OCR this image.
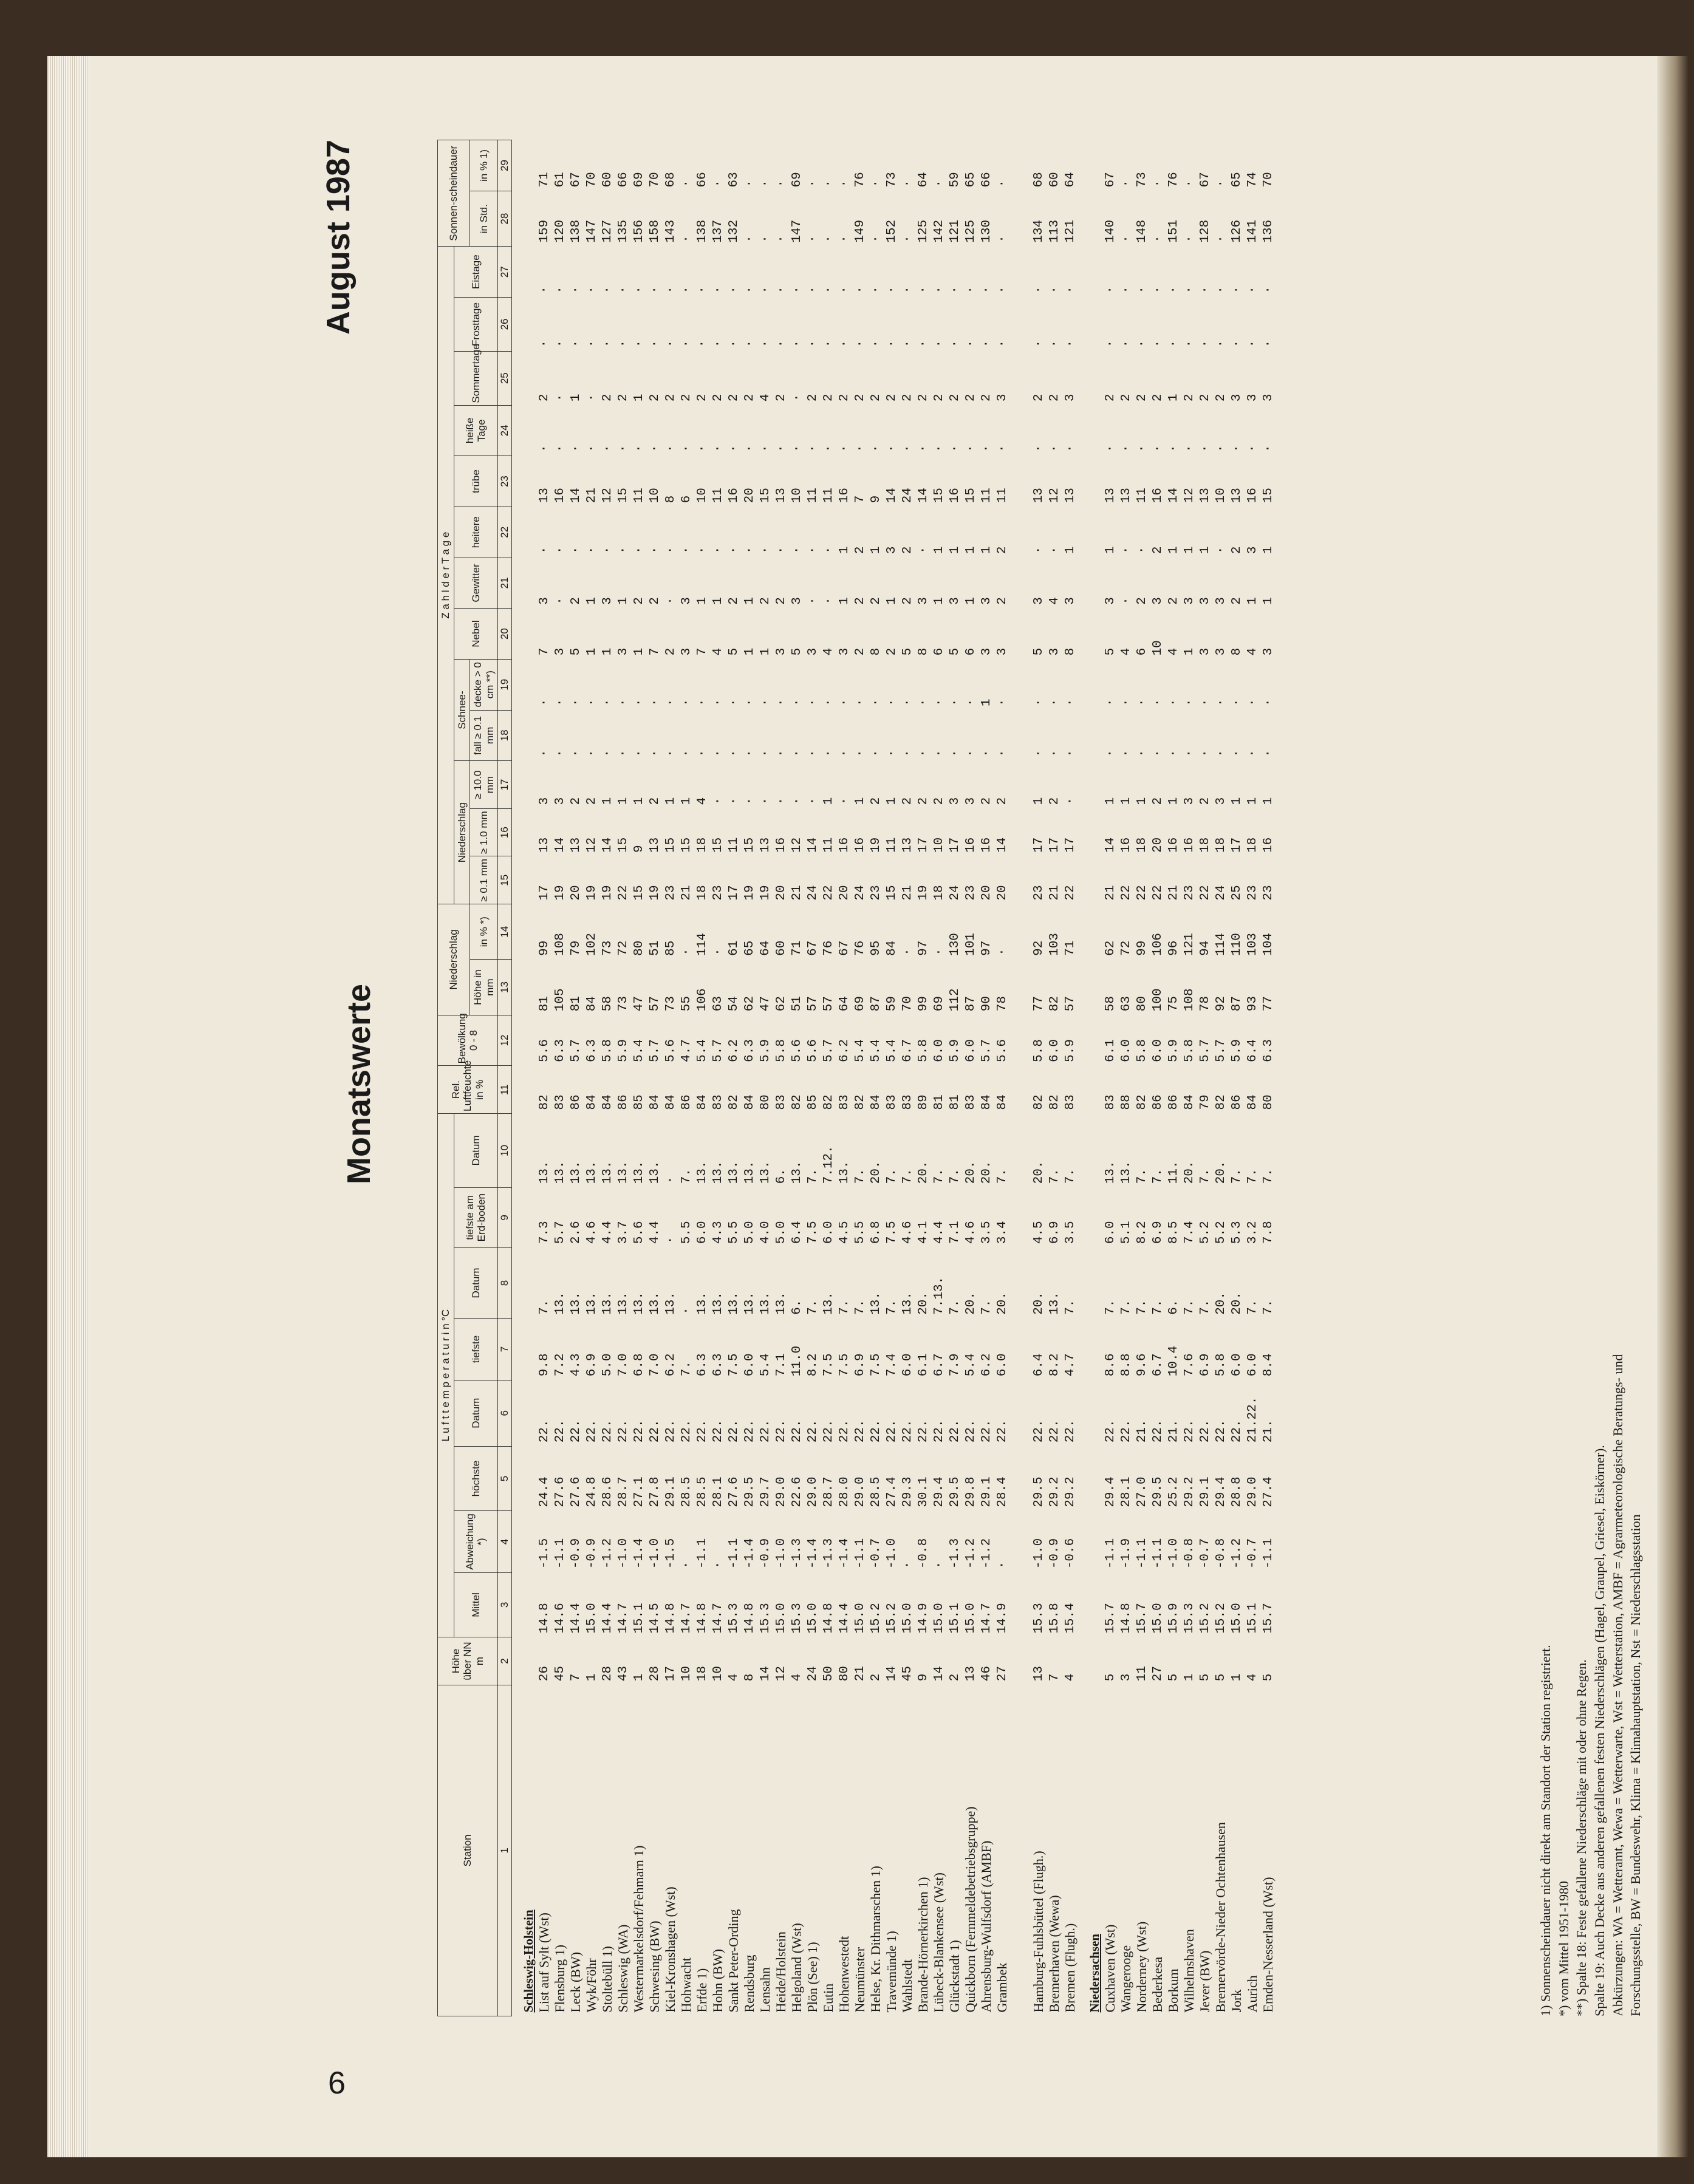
6
Monatswerte
August 1987
Station	Höhe über NN m	L u f t t e m p e r a t u r i n °C								Rel. Luftfeuchte in %	Bewölkung 0 - 8	Niederschlag		Z a h l d e r T a g e													Sonnen-scheindauer	
		Mittel	Abweichung *)	höchste	Datum	tiefste	Datum	tiefste am Erd-boden	Datum					Niederschlag			Schnee-		Nebel	Gewitter	heitere	trübe	heiße Tage	Sommertage	Frosttage	Eistage		
												Höhe in mm	in % *)	≥ 0.1 mm	≥ 1.0 mm	≥ 10.0 mm	fall ≥ 0.1 mm	decke > 0 cm **)									in Std.	in % 1)
1	2	3	4	5	6	7	8	9	10	11	12	13	14	15	16	17	18	19	20	21	22	23	24	25	26	27	28	29
Schleswig-Holstein																												
List auf Sylt (Wst)	26	14.8	-1.5	24.4	22.	9.8	7.	7.3	13.	82	5.6	81	99	17	13	3	·	·	7	3	·	13	·	2	·	·	159	71
Flensburg 1)	45	14.6	-1.1	27.6	22.	7.2	13.	5.7	13.	83	6.3	105	108	19	14	3	·	·	3	·	·	16	·	·	·	·	120	61
Leck (BW)	7	14.4	-0.9	27.6	22.	4.3	13.	2.6	13.	86	5.7	81	79	20	13	2	·	·	5	2	·	14	·	1	·	·	138	67
Wyk/Föhr	1	15.0	-0.9	24.8	22.	6.9	13.	4.6	13.	84	6.3	84	102	19	12	2	·	·	1	1	·	21	·	·	·	·	147	70
Stoltebüll 1)	28	14.4	-1.2	28.6	22.	5.0	13.	4.4	13.	84	5.8	58	73	19	14	1	·	·	1	3	·	12	·	2	·	·	127	60
Schleswig (WA)	43	14.7	-1.0	28.7	22.	7.0	13.	3.7	13.	86	5.9	73	72	22	15	1	·	·	3	1	·	15	·	2	·	·	135	66
Westermarkelsdorf/Fehmarn 1)	1	15.1	-1.4	27.1	22.	6.8	13.	5.6	13.	85	5.4	47	80	15	9	1	·	·	1	2	·	11	·	1	·	·	156	69
Schwesing (BW)	28	14.5	-1.0	27.8	22.	7.0	13.	4.4	13.	84	5.7	57	51	19	13	2	·	·	7	2	·	10	·	2	·	·	158	70
Kiel-Kronshagen (Wst)	17	14.8	-1.5	29.1	22.	6.2	13.	·	·	84	5.6	73	85	23	15	1	·	·	2	·	·	8	·	2	·	·	143	68
Hohwacht	10	14.7	·	28.5	22.	7.	·	5.5	7.	86	4.7	55	·	21	15	1	·	·	3	3	·	6	·	2	·	·	·	·
Erfde 1)	18	14.8	-1.1	28.5	22.	6.3	13.	6.0	13.	84	5.4	106	114	18	18	4	·	·	7	1	·	10	·	2	·	·	138	66
Hohn (BW)	10	14.7	·	28.1	22.	6.3	13.	4.3	13.	83	5.7	63	·	23	15	·	·	·	4	1	·	11	·	2	·	·	137	·
Sankt Peter-Ording	4	15.3	-1.1	27.6	22.	7.5	13.	5.5	13.	82	6.2	54	61	17	11	·	·	·	5	2	·	16	·	2	·	·	132	63
Rendsburg	8	14.8	-1.4	29.5	22.	6.0	13.	5.0	13.	84	6.3	62	65	19	15	·	·	·	1	1	·	20	·	2	·	·	·	·
Lensahn	14	15.3	-0.9	29.7	22.	5.4	13.	4.0	13.	80	5.9	47	64	19	13	·	·	·	1	2	·	15	·	4	·	·	·	·
Heide/Holstein	12	15.0	-1.0	29.0	22.	7.1	13.	5.0	6.	83	5.8	62	60	20	16	·	·	·	3	2	·	13	·	2	·	·	·	·
Helgoland (Wst)	4	15.3	-1.3	22.6	22.	11.0	6.	6.4	13.	82	5.6	51	71	21	12	·	·	·	5	3	·	10	·	·	·	·	147	69
Plön (See) 1)	24	15.0	-1.4	29.0	22.	8.2	7.	7.5	7.	85	5.6	57	67	24	14	·	·	·	3	·	·	11	·	2	·	·	·	·
Eutin	50	14.8	-1.3	28.7	22.	7.5	13.	6.0	7.12.	82	5.7	57	76	22	11	1	·	·	4	·	·	11	·	2	·	·	·	·
Hohenwestedt	80	14.4	-1.4	28.0	22.	7.5	7.	4.5	13.	83	6.2	64	67	20	16	·	·	·	3	1	1	16	·	2	·	·	·	·
Neumünster	21	15.0	-1.1	29.0	22.	6.9	7.	5.5	7.	82	5.4	69	76	24	16	1	·	·	2	2	2	7	·	2	·	·	149	76
Helse, Kr. Dithmarschen 1)	2	15.2	-0.7	28.5	22.	7.5	13.	6.8	20.	84	5.4	87	95	23	19	2	·	·	8	2	1	9	·	2	·	·	·	·
Travemünde 1)	14	15.2	-1.0	27.4	22.	7.4	7.	7.5	7.	83	5.4	59	84	15	11	1	·	·	2	1	3	14	·	2	·	·	152	73
Wahlstedt	45	15.0	·	29.3	22.	6.0	13.	4.6	7.	83	6.7	70	·	21	13	2	·	·	5	2	2	24	·	2	·	·	·	·
Brande-Hörnerkirchen 1)	9	14.9	-0.8	30.1	22.	6.1	20.	4.1	20.	89	5.8	99	97	19	17	2	·	·	8	3	·	14	·	2	·	·	125	64
Lübeck-Blankensee (Wst)	14	15.0	·	29.4	22.	6.7	7.13.	4.4	7.	81	6.0	69	·	18	10	2	·	·	6	1	1	15	·	2	·	·	142	·
Glückstadt 1)	2	15.1	-1.3	29.5	22.	7.9	7.	7.1	7.	81	5.9	112	130	24	17	3	·	·	5	3	1	16	·	2	·	·	121	59
Quickborn (Fernmeldebetriebsgruppe)	13	15.0	-1.2	29.8	22.	5.4	20.	4.6	20.	83	6.0	87	101	23	16	3	·	·	6	1	1	15	·	2	·	·	125	65
Ahrensburg-Wulfsdorf (AMBF)	46	14.7	-1.2	29.1	22.	6.2	7.	3.5	20.	84	5.7	90	97	20	16	2	·	1	3	3	1	11	·	2	·	·	130	66
Grambek	27	14.9	·	28.4	22.	6.0	20.	3.4	7.	84	5.6	78	·	20	14	2	·	·	3	2	2	11	·	3	·	·	·	·

Hamburg-Fuhlsbüttel (Flugh.)	13	15.3	-1.0	29.5	22.	6.4	20.	4.5	20.	82	5.8	77	92	23	17	1	·	·	5	3	·	13	·	2	·	·	134	68
Bremerhaven (Wewa)	7	15.8	-0.9	29.2	22.	8.2	13.	6.9	7.	82	6.0	82	103	21	17	2	·	·	3	4	·	12	·	2	·	·	113	60
Bremen (Flugh.)	4	15.4	-0.6	29.2	22.	4.7	7.	3.5	7.	83	5.9	57	71	22	17	·	·	·	8	3	1	13	·	3	·	·	121	64
Niedersachsen																												
Cuxhaven (Wst)	5	15.7	-1.1	29.4	22.	8.6	7.	6.0	13.	83	6.1	58	62	21	14	1	·	·	5	3	1	13	·	2	·	·	140	67
Wangerooge	3	14.8	-1.9	28.1	22.	8.8	7.	5.1	13.	88	6.0	63	72	22	16	1	·	·	4	·	·	13	·	2	·	·	·	·
Norderney (Wst)	11	15.7	-1.1	27.0	21.	9.6	7.	8.2	7.	82	5.8	80	99	22	18	1	·	·	6	2	·	11	·	2	·	·	148	73
Bederkesa	27	15.0	-1.1	29.5	22.	6.7	7.	6.9	7.	86	6.0	100	106	22	20	2	·	·	10	3	2	16	·	2	·	·	·	·
Borkum	5	15.9	-1.0	25.2	21.	10.4	6.	8.5	11.	86	5.9	75	96	21	16	1	·	·	4	2	1	14	·	1	·	·	151	76
Wilhelmshaven	1	15.3	-0.8	29.2	22.	7.6	7.	7.4	20.	84	5.8	108	121	23	16	3	·	·	1	3	1	12	·	2	·	·	·	·
Jever (BW)	5	15.2	-0.7	29.1	22.	6.9	7.	5.2	7.	79	5.7	78	94	22	18	2	·	·	3	3	1	13	·	2	·	·	128	67
Bremervörde-Nieder Ochtenhausen	5	15.2	-0.8	29.4	22.	5.8	20.	5.2	20.	82	5.7	92	114	24	18	3	·	·	3	3	·	10	·	2	·	·	·	·
Jork	1	15.0	-1.2	28.8	22.	6.0	20.	5.3	7.	86	5.9	87	110	25	17	1	·	·	8	2	2	13	·	3	·	·	126	65
Aurich	4	15.1	-0.7	29.0	21.22.	6.0	7.	3.2	7.	84	6.4	93	103	23	18	1	·	·	4	1	3	16	·	3	·	·	141	74
Emden-Nesserland (Wst)	5	15.7	-1.1	27.4	21.	8.4	7.	7.8	7.	80	6.3	77	104	23	16	1	·	·	3	1	1	15	·	3	·	·	136	70
1) Sonnenscheindauer nicht direkt am Standort der Station registriert. *) vom Mittel 1951-1980 **) Spalte 18: Feste gefallene Niederschläge mit oder ohne Regen. Spalte 19: Auch Decke aus anderen gefallenen festen Niederschlägen (Hagel, Graupel, Griesel, Eiskörner). Abkürzungen: WA = Wetteramt, Wewa = Wetterwarte, Wst = Wetterstation, AMBF = Agrarmeteorologische Beratungs- und Forschungsstelle, BW = Bundeswehr, Klima = Klimahauptstation, Nst = Niederschlagsstation
